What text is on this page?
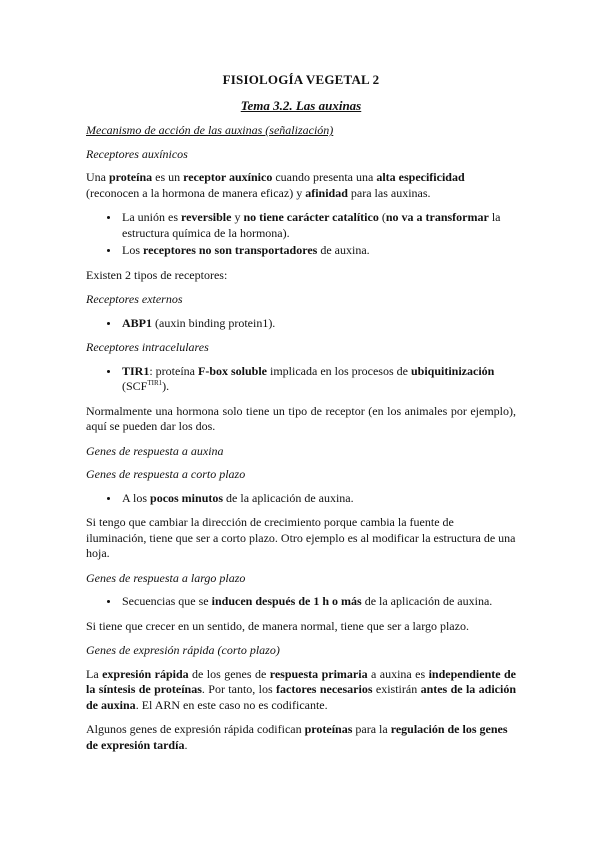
FISIOLOGÍA VEGETAL 2
Tema 3.2. Las auxinas
Mecanismo de acción de las auxinas (señalización)
Receptores auxínicos

Una proteína es un receptor auxínico cuando presenta una alta especificidad (reconocen a la hormona de manera eficaz) y afinidad para las auxinas.

• La unión es reversible y no tiene carácter catalítico (no va a transformar la estructura química de la hormona).
• Los receptores no son transportadores de auxina.

Existen 2 tipos de receptores:

Receptores externos
• ABP1 (auxin binding protein1).
Receptores intracelulares
• TIR1: proteína F-box soluble implicada en los procesos de ubiquitinización $(SCF^{TIR1})$.

Normalmente una hormona solo tiene un tipo de receptor (en los animales por ejemplo), aquí se pueden dar los dos.

Genes de respuesta a auxina
Genes de respuesta a corto plazo
• A los pocos minutos de la aplicación de auxina.

Si tengo que cambiar la dirección de crecimiento porque cambia la fuente de iluminación, tiene que ser a corto plazo. Otro ejemplo es al modificar la estructura de una hoja.

Genes de respuesta a largo plazo
• Secuencias que se inducen después de 1 h o más de la aplicación de auxina.

Si tiene que crecer en un sentido, de manera normal, tiene que ser a largo plazo.

Genes de expresión rápida (corto plazo)

La expresión rápida de los genes de respuesta primaria a auxina es independiente de la síntesis de proteínas. Por tanto, los factores necesarios existirán antes de la adición de auxina. El ARN en este caso no es codificante.

Algunos genes de expresión rápida codifican proteínas para la regulación de los genes de expresión tardía.
